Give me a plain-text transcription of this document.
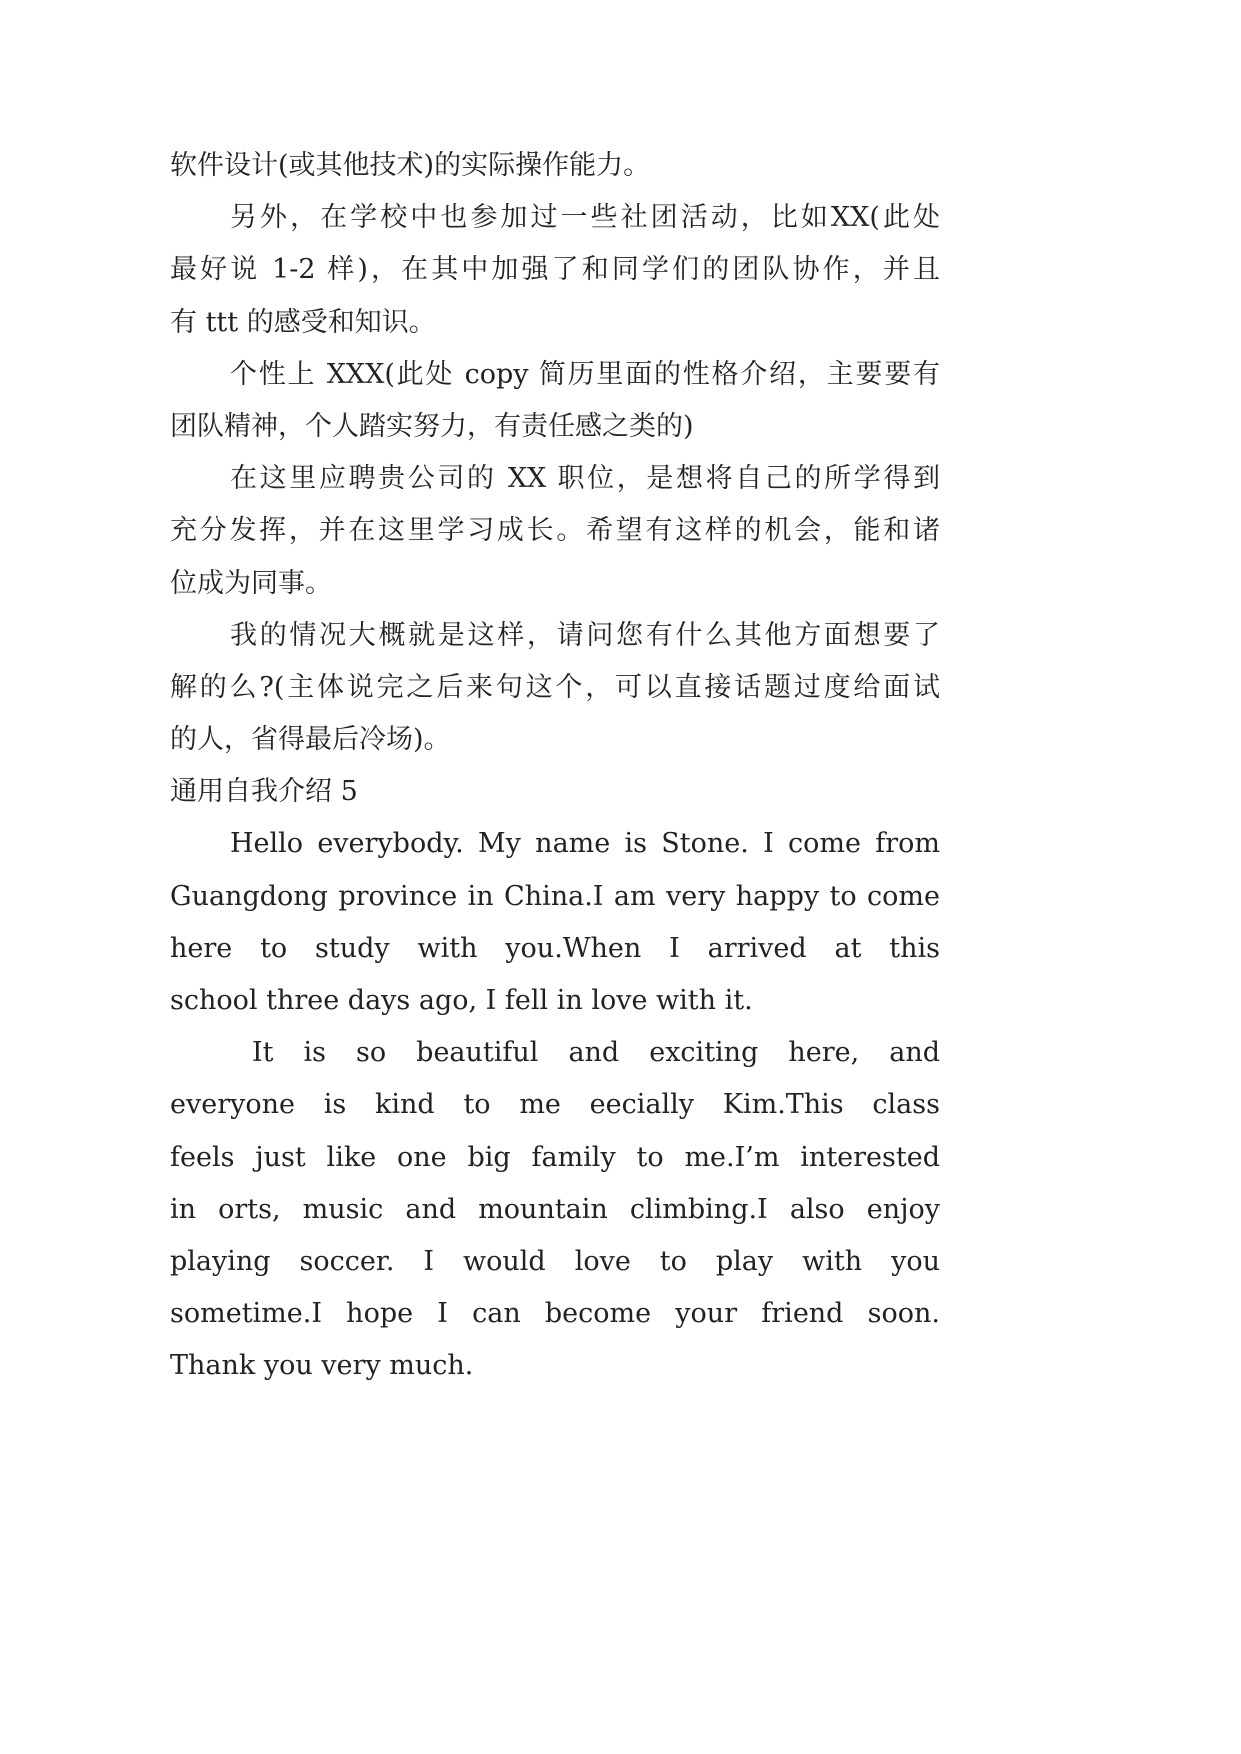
软件设计(或其他技术)的实际操作能力。
另外，在学校中也参加过一些社团活动，比如XX(此处
最好说 1-2 样)，在其中加强了和同学们的团队协作，并且
有 ttt 的感受和知识。
个性上 XXX(此处 copy 简历里面的性格介绍，主要要有
团队精神，个人踏实努力，有责任感之类的)
在这里应聘贵公司的 XX 职位，是想将自己的所学得到
充分发挥，并在这里学习成长。希望有这样的机会，能和诸
位成为同事。
我的情况大概就是这样，请问您有什么其他方面想要了
解的么?(主体说完之后来句这个，可以直接话题过度给面试
的人，省得最后冷场)。
通用自我介绍 5
Hello everybody. My name is Stone. I come from
Guangdong province in China.I am very happy to come
here to study with you.When I arrived at this
school three days ago, I fell in love with it.
It is so beautiful and exciting here, and
everyone is kind to me eecially Kim.This class
feels just like one big family to me.I’m interested
in orts, music and mountain climbing.I also enjoy
playing soccer. I would love to play with you
sometime.I hope I can become your friend soon.
Thank you very much.
